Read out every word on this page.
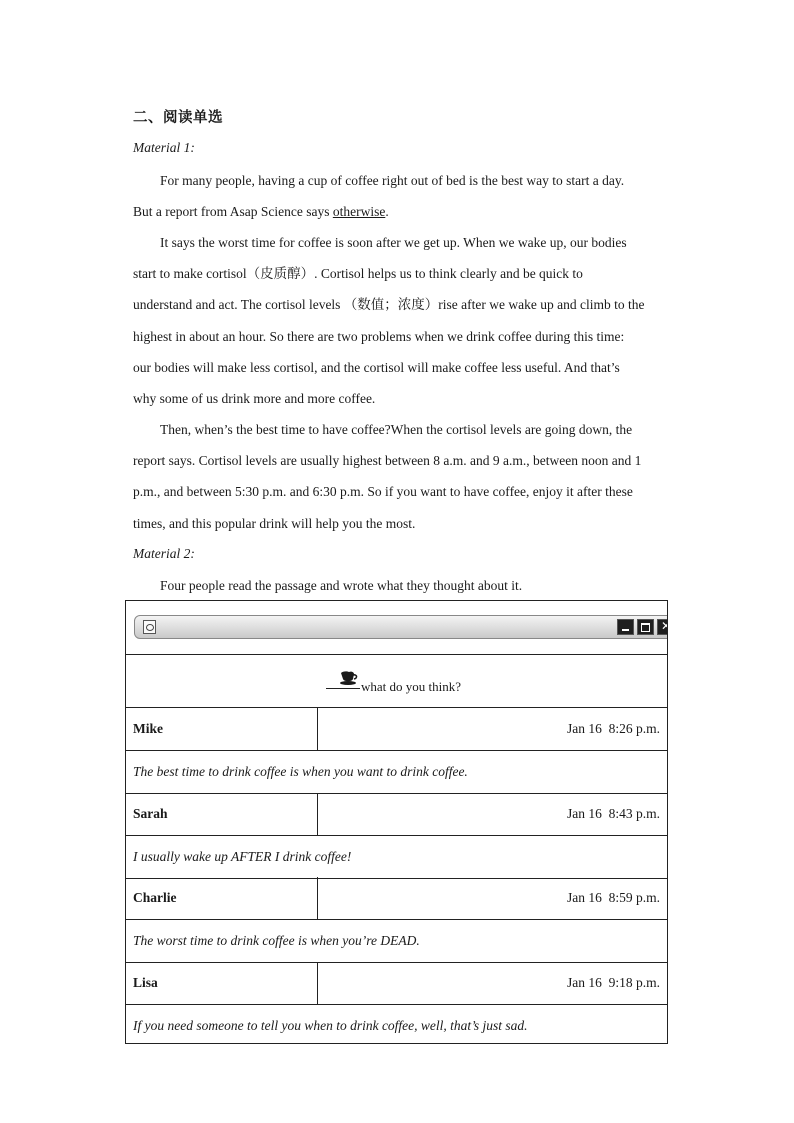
二、阅读单选
Material 1:
For many people, having a cup of coffee right out of bed is the best way to start a day.
But a report from Asap Science says otherwise.
It says the worst time for coffee is soon after we get up. When we wake up, our bodies
start to make cortisol（皮质醇）. Cortisol helps us to think clearly and be quick to
understand and act. The cortisol levels （数值；浓度）rise after we wake up and climb to the
highest in about an hour. So there are two problems when we drink coffee during this time:
our bodies will make less cortisol, and the cortisol will make coffee less useful. And that’s
why some of us drink more and more coffee.
Then, when’s the best time to have coffee?When the cortisol levels are going down, the
report says. Cortisol levels are usually highest between 8 a.m. and 9 a.m., between noon and 1
p.m., and between 5:30 p.m. and 6:30 p.m. So if you want to have coffee, enjoy it after these
times, and this popular drink will help you the most.
Material 2:
Four people read the passage and wrote what they thought about it.
✕
what do you think?
Mike	Jan 16  8:26 p.m.
The best time to drink coffee is when you want to drink coffee.
Sarah	Jan 16  8:43 p.m.
I usually wake up AFTER I drink coffee!
Charlie	Jan 16  8:59 p.m.
The worst time to drink coffee is when you’re DEAD.
Lisa	Jan 16  9:18 p.m.
If you need someone to tell you when to drink coffee, well, that’s just sad.
